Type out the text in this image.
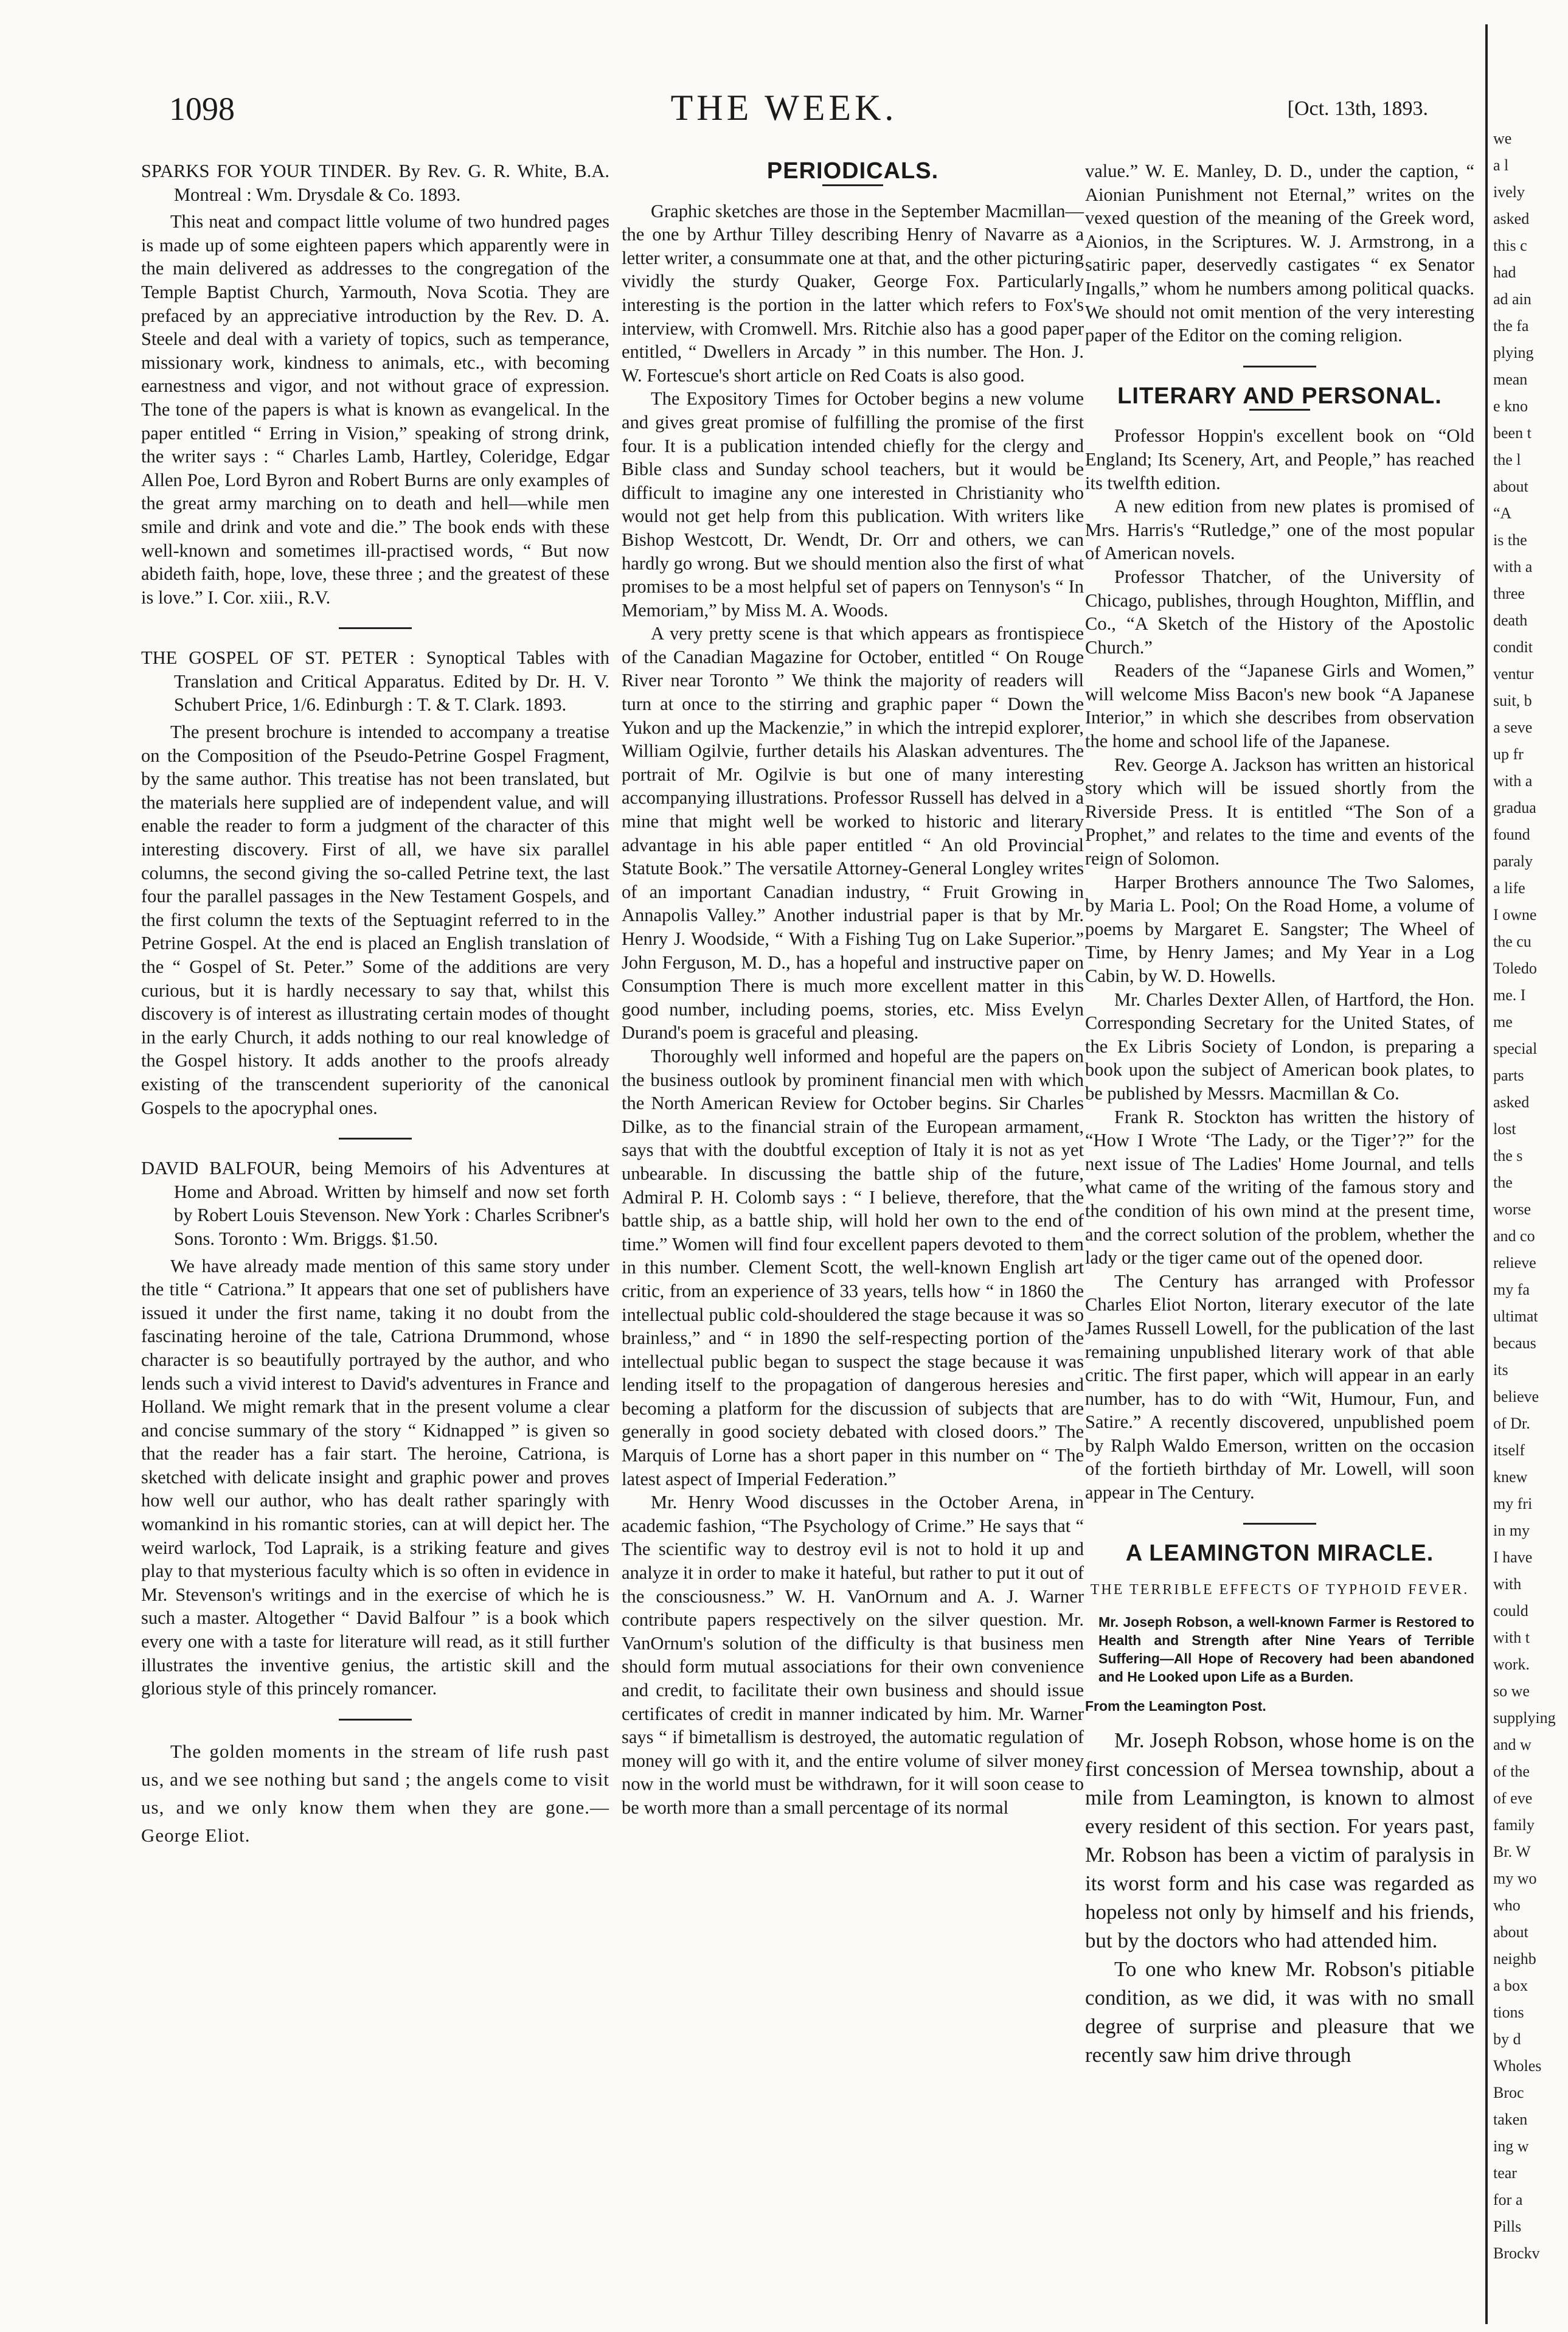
1098	THE WEEK.	[Oct. 13th, 1893.

SPARKS FOR YOUR TINDER. By Rev. G. R. White, B.A. Montreal : Wm. Drysdale & Co. 1893.

This neat and compact little volume of two hundred pages is made up of some eighteen papers which apparently were in the main delivered as addresses to the congregation of the Temple Baptist Church, Yarmouth, Nova Scotia. They are prefaced by an appreciative introduction by the Rev. D. A. Steele and deal with a variety of topics, such as temperance, missionary work, kindness to animals, etc., with becoming earnestness and vigor, and not without grace of expression. The tone of the papers is what is known as evangelical. In the paper entitled “ Erring in Vision,” speaking of strong drink, the writer says : “ Charles Lamb, Hartley, Coleridge, Edgar Allen Poe, Lord Byron and Robert Burns are only examples of the great army marching on to death and hell—while men smile and drink and vote and die.” The book ends with these well-known and sometimes ill-practised words, “ But now abideth faith, hope, love, these three ; and the greatest of these is love.” I. Cor. xiii., R.V.

THE GOSPEL OF ST. PETER : Synoptical Tables with Translation and Critical Apparatus. Edited by Dr. H. V. Schubert Price, 1/6. Edinburgh : T. & T. Clark. 1893.

The present brochure is intended to accompany a treatise on the Composition of the Pseudo-Petrine Gospel Fragment, by the same author. This treatise has not been translated, but the materials here supplied are of independent value, and will enable the reader to form a judgment of the character of this interesting discovery. First of all, we have six parallel columns, the second giving the so-called Petrine text, the last four the parallel passages in the New Testament Gospels, and the first column the texts of the Septuagint referred to in the Petrine Gospel. At the end is placed an English translation of the “ Gospel of St. Peter.” Some of the additions are very curious, but it is hardly necessary to say that, whilst this discovery is of interest as illustrating certain modes of thought in the early Church, it adds nothing to our real knowledge of the Gospel history. It adds another to the proofs already existing of the transcendent superiority of the canonical Gospels to the apocryphal ones.

DAVID BALFOUR, being Memoirs of his Adventures at Home and Abroad. Written by himself and now set forth by Robert Louis Stevenson. New York : Charles Scribner's Sons. Toronto : Wm. Briggs. $1.50.

We have already made mention of this same story under the title “ Catriona.” It appears that one set of publishers have issued it under the first name, taking it no doubt from the fascinating heroine of the tale, Catriona Drummond, whose character is so beautifully portrayed by the author, and who lends such a vivid interest to David's adventures in France and Holland. We might remark that in the present volume a clear and concise summary of the story “ Kidnapped ” is given so that the reader has a fair start. The heroine, Catriona, is sketched with delicate insight and graphic power and proves how well our author, who has dealt rather sparingly with womankind in his romantic stories, can at will depict her. The weird warlock, Tod Lapraik, is a striking feature and gives play to that mysterious faculty which is so often in evidence in Mr. Stevenson's writings and in the exercise of which he is such a master. Altogether “ David Balfour ” is a book which every one with a taste for literature will read, as it still further illustrates the inventive genius, the artistic skill and the glorious style of this princely romancer.

The golden moments in the stream of life rush past us, and we see nothing but sand ; the angels come to visit us, and we only know them when they are gone.—George Eliot.

PERIODICALS.

Graphic sketches are those in the September Macmillan—the one by Arthur Tilley describing Henry of Navarre as a letter writer, a consummate one at that, and the other picturing vividly the sturdy Quaker, George Fox. Particularly interesting is the portion in the latter which refers to Fox's interview, with Cromwell. Mrs. Ritchie also has a good paper entitled, “ Dwellers in Arcady ” in this number. The Hon. J. W. Fortescue's short article on Red Coats is also good.

The Expository Times for October begins a new volume and gives great promise of fulfilling the promise of the first four. It is a publication intended chiefly for the clergy and Bible class and Sunday school teachers, but it would be difficult to imagine any one interested in Christianity who would not get help from this publication. With writers like Bishop Westcott, Dr. Wendt, Dr. Orr and others, we can hardly go wrong. But we should mention also the first of what promises to be a most helpful set of papers on Tennyson's “ In Memoriam,” by Miss M. A. Woods.

A very pretty scene is that which appears as frontispiece of the Canadian Magazine for October, entitled “ On Rouge River near Toronto ” We think the majority of readers will turn at once to the stirring and graphic paper “ Down the Yukon and up the Mackenzie,” in which the intrepid explorer, William Ogilvie, further details his Alaskan adventures. The portrait of Mr. Ogilvie is but one of many interesting accompanying illustrations. Professor Russell has delved in a mine that might well be worked to historic and literary advantage in his able paper entitled “ An old Provincial Statute Book.” The versatile Attorney-General Longley writes of an important Canadian industry, “ Fruit Growing in Annapolis Valley.” Another industrial paper is that by Mr. Henry J. Woodside, “ With a Fishing Tug on Lake Superior.” John Ferguson, M. D., has a hopeful and instructive paper on Consumption There is much more excellent matter in this good number, including poems, stories, etc. Miss Evelyn Durand's poem is graceful and pleasing.

Thoroughly well informed and hopeful are the papers on the business outlook by prominent financial men with which the North American Review for October begins. Sir Charles Dilke, as to the financial strain of the European armament, says that with the doubtful exception of Italy it is not as yet unbearable. In discussing the battle ship of the future, Admiral P. H. Colomb says : “ I believe, therefore, that the battle ship, as a battle ship, will hold her own to the end of time.” Women will find four excellent papers devoted to them in this number. Clement Scott, the well-known English art critic, from an experience of 33 years, tells how “ in 1860 the intellectual public cold-shouldered the stage because it was so brainless,” and “ in 1890 the self-respecting portion of the intellectual public began to suspect the stage because it was lending itself to the propagation of dangerous heresies and becoming a platform for the discussion of subjects that are generally in good society debated with closed doors.” The Marquis of Lorne has a short paper in this number on “ The latest aspect of Imperial Federation.”

Mr. Henry Wood discusses in the October Arena, in academic fashion, “The Psychology of Crime.” He says that “ The scientific way to destroy evil is not to hold it up and analyze it in order to make it hateful, but rather to put it out of the consciousness.” W. H. VanOrnum and A. J. Warner contribute papers respectively on the silver question. Mr. VanOrnum's solution of the difficulty is that business men should form mutual associations for their own convenience and credit, to facilitate their own business and should issue certificates of credit in manner indicated by him. Mr. Warner says “ if bimetallism is destroyed, the automatic regulation of money will go with it, and the entire volume of silver money now in the world must be withdrawn, for it will soon cease to be worth more than a small percentage of its normal

value.” W. E. Manley, D. D., under the caption, “ Aionian Punishment not Eternal,” writes on the vexed question of the meaning of the Greek word, Aionios, in the Scriptures. W. J. Armstrong, in a satiric paper, deservedly castigates “ ex Senator Ingalls,” whom he numbers among political quacks. We should not omit mention of the very interesting paper of the Editor on the coming religion.

LITERARY AND PERSONAL.

Professor Hoppin's excellent book on “Old England; Its Scenery, Art, and People,” has reached its twelfth edition.

A new edition from new plates is promised of Mrs. Harris's “Rutledge,” one of the most popular of American novels.

Professor Thatcher, of the University of Chicago, publishes, through Houghton, Mifflin, and Co., “A Sketch of the History of the Apostolic Church.”

Readers of the “Japanese Girls and Women,” will welcome Miss Bacon's new book “A Japanese Interior,” in which she describes from observation the home and school life of the Japanese.

Rev. George A. Jackson has written an historical story which will be issued shortly from the Riverside Press. It is entitled “The Son of a Prophet,” and relates to the time and events of the reign of Solomon.

Harper Brothers announce The Two Salomes, by Maria L. Pool; On the Road Home, a volume of poems by Margaret E. Sangster; The Wheel of Time, by Henry James; and My Year in a Log Cabin, by W. D. Howells.

Mr. Charles Dexter Allen, of Hartford, the Hon. Corresponding Secretary for the United States, of the Ex Libris Society of London, is preparing a book upon the subject of American book plates, to be published by Messrs. Macmillan & Co.

Frank R. Stockton has written the history of “How I Wrote ‘The Lady, or the Tiger’?” for the next issue of The Ladies' Home Journal, and tells what came of the writing of the famous story and the condition of his own mind at the present time, and the correct solution of the problem, whether the lady or the tiger came out of the opened door.

The Century has arranged with Professor Charles Eliot Norton, literary executor of the late James Russell Lowell, for the publication of the last remaining unpublished literary work of that able critic. The first paper, which will appear in an early number, has to do with “Wit, Humour, Fun, and Satire.” A recently discovered, unpublished poem by Ralph Waldo Emerson, written on the occasion of the fortieth birthday of Mr. Lowell, will soon appear in The Century.

A LEAMINGTON MIRACLE.

THE TERRIBLE EFFECTS OF TYPHOID FEVER.

Mr. Joseph Robson, a well-known Farmer is Restored to Health and Strength after Nine Years of Terrible Suffering—All Hope of Recovery had been abandoned and He Looked upon Life as a Burden.

From the Leamington Post.

Mr. Joseph Robson, whose home is on the first concession of Mersea township, about a mile from Leamington, is known to almost every resident of this section. For years past, Mr. Robson has been a victim of paralysis in its worst form and his case was regarded as hopeless not only by himself and his friends, but by the doctors who had attended him.

To one who knew Mr. Robson's pitiable condition, as we did, it was with no small degree of surprise and pleasure that we recently saw him drive through

we
a l
ively
asked
this c
had
ad ain
the fa
plying
mean
e kno
been t
the l
about
“A
is the
with a
three
death
condit
ventur
suit, b
a seve
up fr
with a
gradua
found
paraly
a life
I owne
the cu
Toledo
me. I
me
special
parts
asked
lost
the s
the
worse
and co
relieve
my fa
ultimat
becaus
its
believe
of Dr.
itself
knew
my fri
in my
I have
with
could
with t
work.
so we
supplying
and w
of the
of eve
family
Br. W
my wo
who
about
neighb
a box
tions
by d
Wholes
Broc
taken
ing w
tear
for a
Pills
Brockv
